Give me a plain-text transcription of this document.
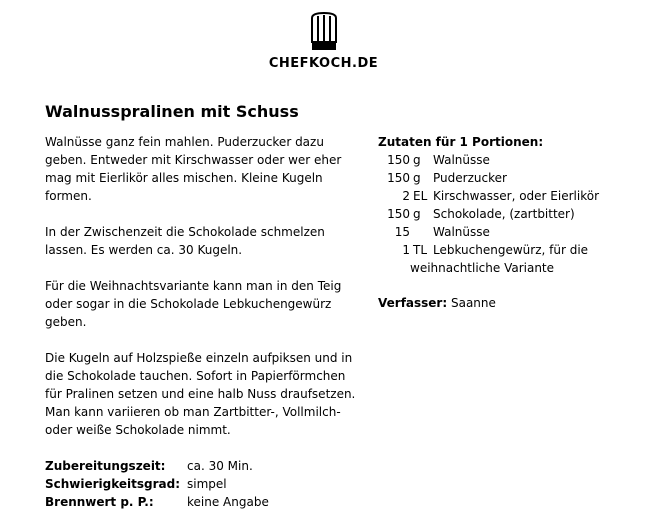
CHEFKOCH.DE
Walnusspralinen mit Schuss

Walnüsse ganz fein mahlen. Puderzucker dazu geben. Entweder mit Kirschwasser oder wer eher mag mit Eierlikör alles mischen. Kleine Kugeln formen.

In der Zwischenzeit die Schokolade schmelzen lassen. Es werden ca. 30 Kugeln.

Für die Weihnachtsvariante kann man in den Teig oder sogar in die Schokolade Lebkuchengewürz geben.

Die Kugeln auf Holzspieße einzeln aufpiksen und in die Schokolade tauchen. Sofort in Papierförmchen für Pralinen setzen und eine halb Nuss draufsetzen. Man kann variieren ob man Zartbitter-, Vollmilch- oder weiße Schokolade nimmt.

Zubereitungszeit:	ca. 30 Min.
Schwierigkeitsgrad: simpel
Brennwert p. P.:	keine Angabe
Zutaten für 1 Portionen:
150 g	Walnüsse
150 g	Puderzucker
2 EL Kirschwasser, oder Eierlikör
150 g	Schokolade, (zartbitter)
15	Walnüsse
1 TL Lebkuchengewürz, für die
weihnachtliche Variante
Verfasser: Saanne
